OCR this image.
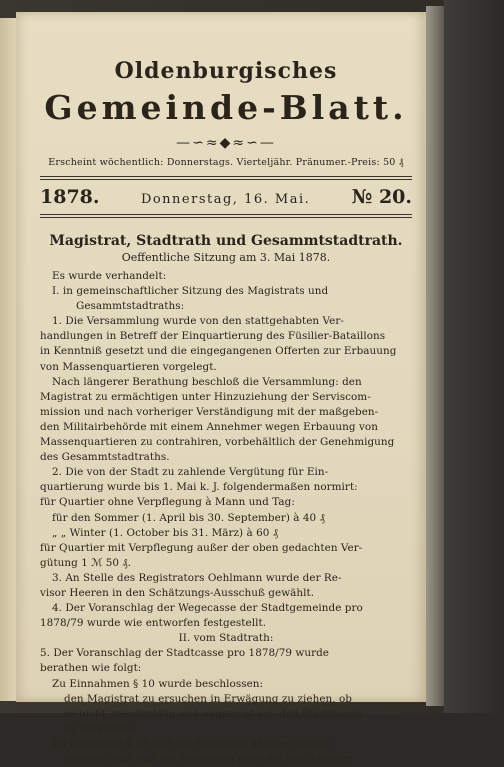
Oldenburgisches
Gemeinde-Blatt.
—∽≈◆≈∽—
Erscheint wöchentlich: Donnerstags. Vierteljähr. Pränumer.-Preis: 50 ₰
1878.	Donnerstag, 16. Mai. № 20.
Magistrat, Stadtrath und Gesammtstadtrath.
Oeffentliche Sitzung am 3. Mai 1878.
Es wurde verhandelt:
I. in gemeinschaftlicher Sitzung des Magistrats und
Gesammtstadtraths:
1. Die Versammlung wurde von den stattgehabten Ver-
handlungen in Betreff der Einquartierung des Füsilier-Bataillons
in Kenntniß gesetzt und die eingegangenen Offerten zur Erbauung
von Massenquartieren vorgelegt.
Nach längerer Berathung beschloß die Versammlung: den
Magistrat zu ermächtigen unter Hinzuziehung der Serviscom-
mission und nach vorheriger Verständigung mit der maßgeben-
den Militairbehörde mit einem Annehmer wegen Erbauung von
Massenquartieren zu contrahiren, vorbehältlich der Genehmigung
des Gesammtstadtraths.
2. Die von der Stadt zu zahlende Vergütung für Ein-
quartierung wurde bis 1. Mai k. J. folgendermaßen normirt:
für Quartier ohne Verpflegung à Mann und Tag:
für den Sommer (1. April bis 30. September) à 40 ₰
„ „ Winter (1. October bis 31. März) à 60 ₰
für Quartier mit Verpflegung außer der oben gedachten Ver-
gütung 1 ℳ 50 ₰.
3. An Stelle des Registrators Oehlmann wurde der Re-
visor Heeren in den Schätzungs-Ausschuß gewählt.
4. Der Voranschlag der Wegecasse der Stadtgemeinde pro
1878/79 wurde wie entworfen festgestellt.
II. vom Stadtrath:
5. Der Voranschlag der Stadtcasse pro 1878/79 wurde
berathen wie folgt:
Zu Einnahmen § 10 wurde beschlossen:
den Magistrat zu ersuchen in Erwägung zu ziehen, ob
es nicht zweckmäßig und angezeigt sei, den Stadtbusch
zu verkaufen.
Zu Einnahme § 29 war der Stadtrath darüber einver-
standen, daß ihm die Verfügung über die Bruchgelder
